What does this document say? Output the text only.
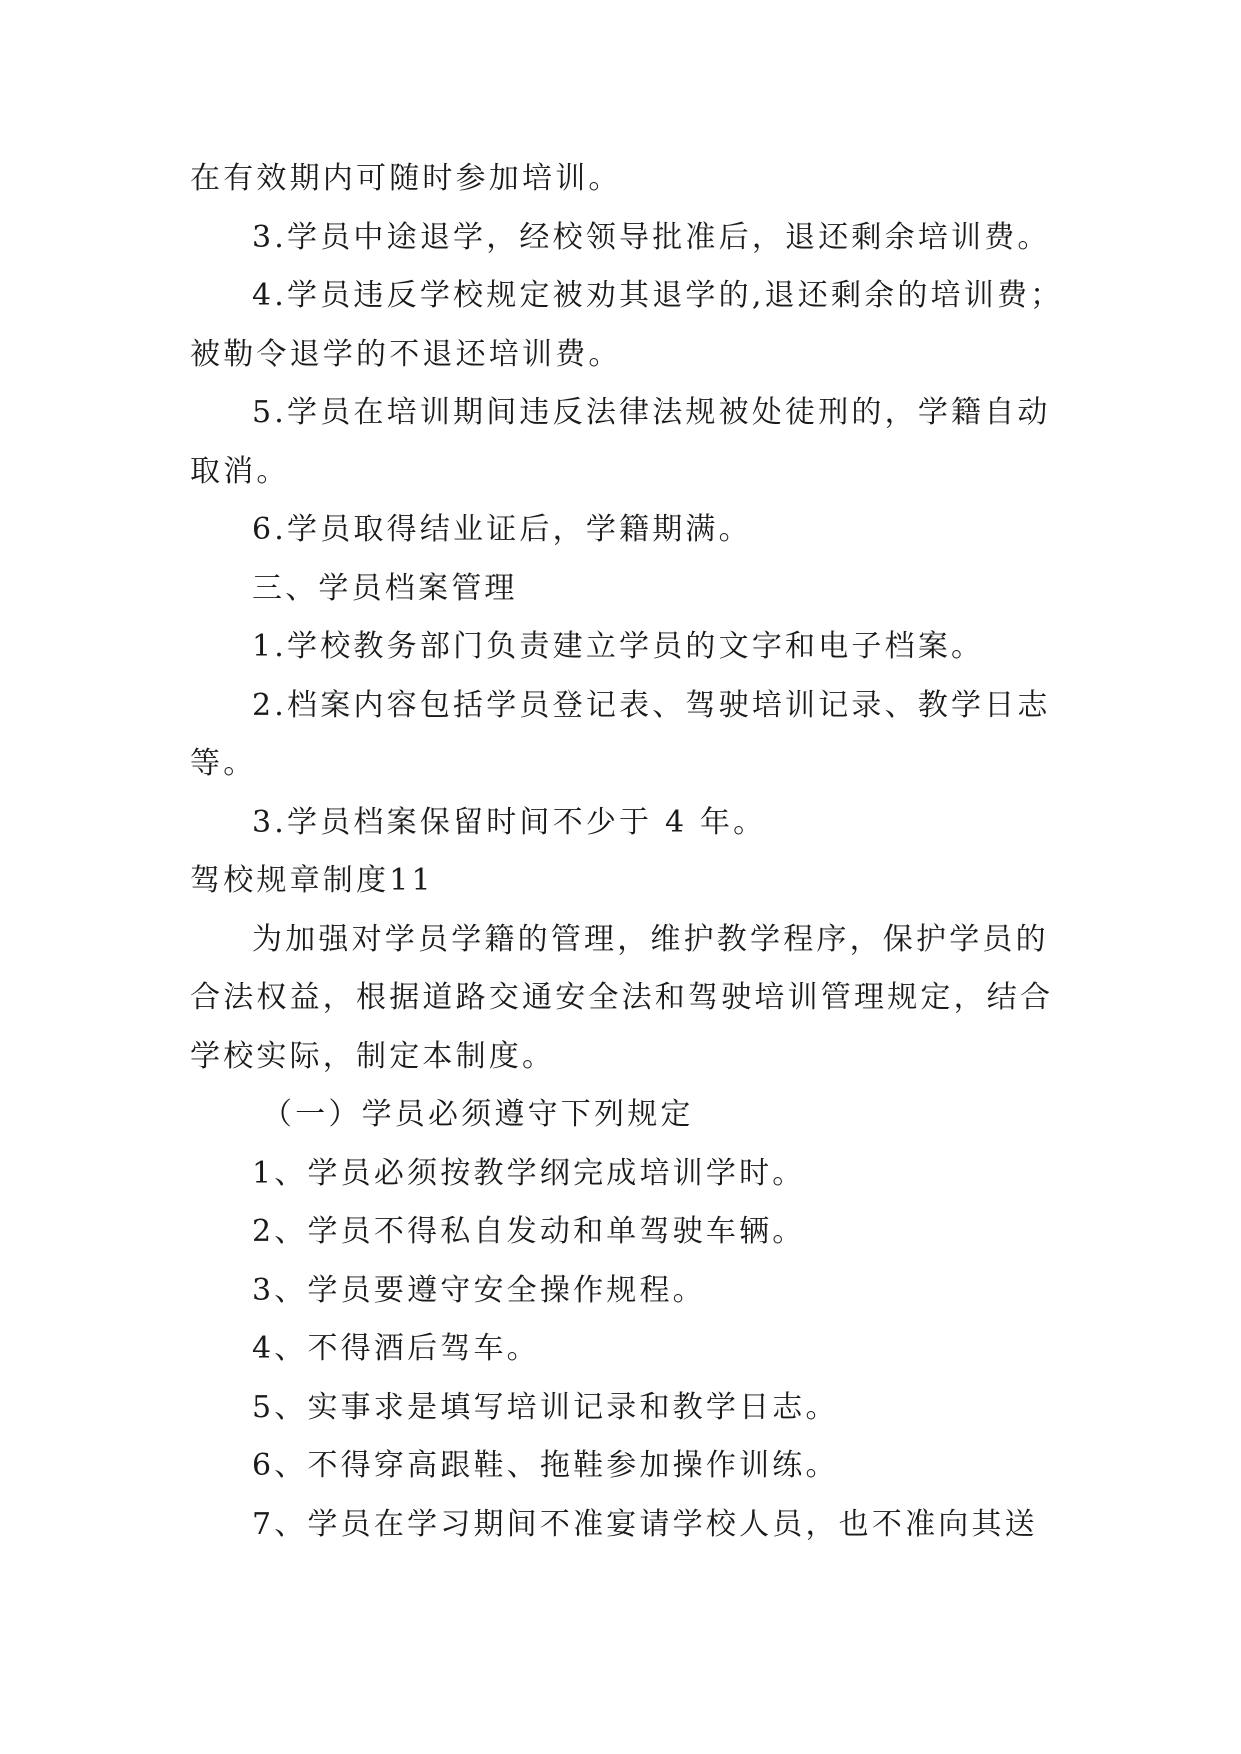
在有效期内可随时参加培训。
3.学员中途退学，经校领导批准后，退还剩余培训费。
4.学员违反学校规定被劝其退学的,退还剩余的培训费；
被勒令退学的不退还培训费。
5.学员在培训期间违反法律法规被处徒刑的，学籍自动
取消。
6.学员取得结业证后，学籍期满。
三、学员档案管理
1.学校教务部门负责建立学员的文字和电子档案。
2.档案内容包括学员登记表、驾驶培训记录、教学日志
等。
3.学员档案保留时间不少于 4 年。
驾校规章制度11
为加强对学员学籍的管理，维护教学程序，保护学员的
合法权益，根据道路交通安全法和驾驶培训管理规定，结合
学校实际，制定本制度。
（一）学员必须遵守下列规定
1、学员必须按教学纲完成培训学时。
2、学员不得私自发动和单驾驶车辆。
3、学员要遵守安全操作规程。
4、不得酒后驾车。
5、实事求是填写培训记录和教学日志。
6、不得穿高跟鞋、拖鞋参加操作训练。
7、学员在学习期间不准宴请学校人员，也不准向其送
